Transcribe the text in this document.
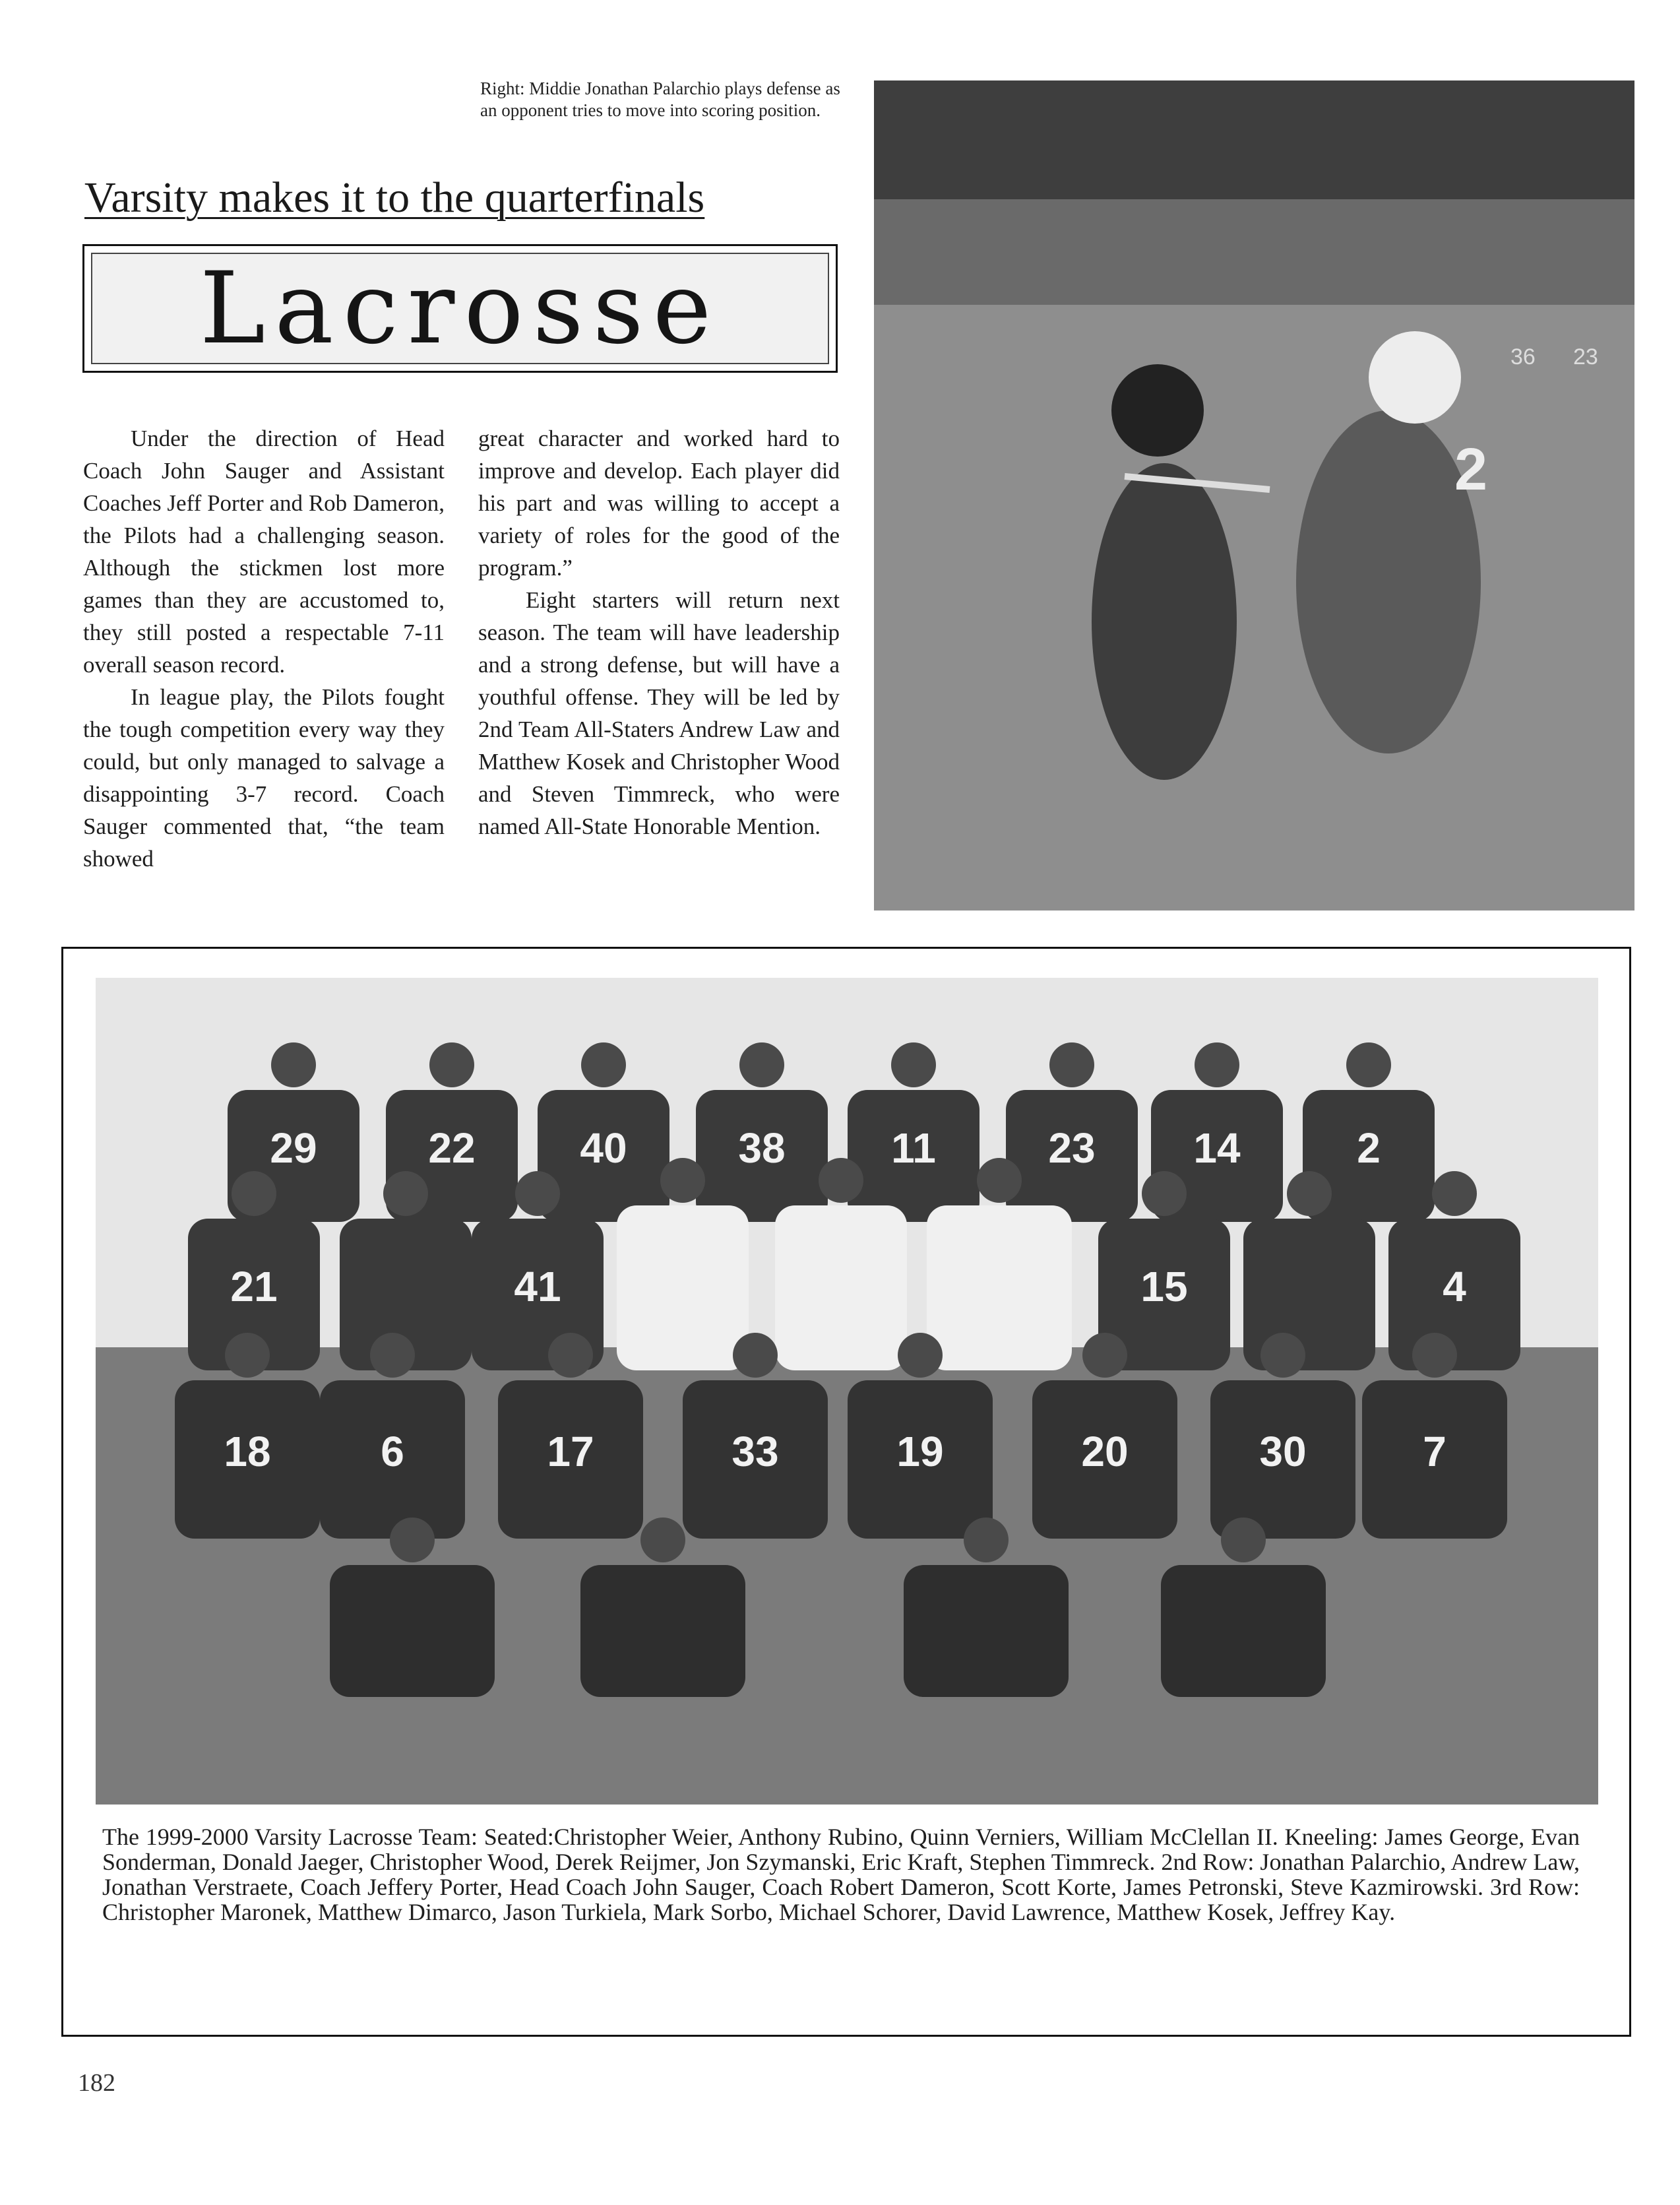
Right: Middie Jonathan Palarchio plays defense as an opponent tries to move into scoring position.
Varsity makes it to the quarterfinals
Lacrosse

Under the direction of Head Coach John Sauger and Assistant Coaches Jeff Porter and Rob Dameron, the Pilots had a challenging season. Although the stickmen lost more games than they are accustomed to, they still posted a respectable 7-11 overall season record.

In league play, the Pilots fought the tough competition every way they could, but only managed to salvage a disappointing 3-7 record. Coach Sauger commented that, “the team showed

great character and worked hard to improve and develop. Each player did his part and was willing to accept a variety of roles for the good of the program.”

Eight starters will return next season. The team will have leadership and a strong defense, but will have a youthful offense. They will be led by 2nd Team All-Staters Andrew Law and Matthew Kosek and Christopher Wood and Steven Timmreck, who were named All-State Honorable Mention.

36 23
2
29	22 40	38	11	23 14	2
21	41	15	4
18	6	17	33	19	20	30	7
The 1999-2000 Varsity Lacrosse Team: Seated:Christopher Weier, Anthony Rubino, Quinn Verniers, William McClellan II. Kneeling: James George, Evan Sonderman, Donald Jaeger, Christopher Wood, Derek Reijmer, Jon Szymanski, Eric Kraft, Stephen Timmreck. 2nd Row: Jonathan Palarchio, Andrew Law, Jonathan Verstraete, Coach Jeffery Porter, Head Coach John Sauger, Coach Robert Dameron, Scott Korte, James Petronski, Steve Kazmirowski. 3rd Row: Christopher Maronek, Matthew Dimarco, Jason Turkiela, Mark Sorbo, Michael Schorer, David Lawrence, Matthew Kosek, Jeffrey Kay.
182
